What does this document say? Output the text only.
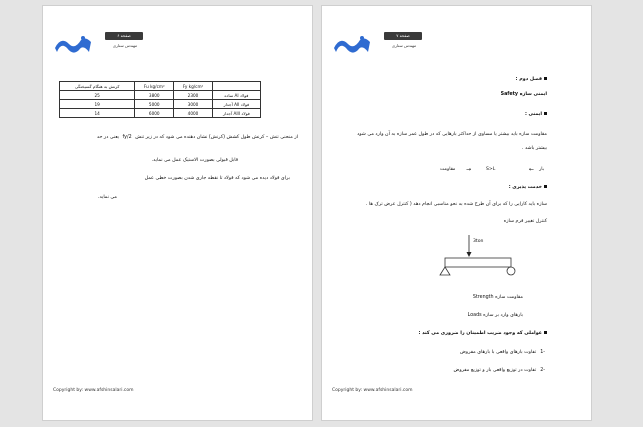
صفحه ۶
مهندس ستاری
كرنش به هنگام گسيختگی	Fu kg/cm²	Fy kg/cm²	
25	3800	2300	فولاد AI ساده
19	5000	3000	فولاد AII آجدار
14	6000	4000	فولاد AIII آجدار
از منحنی تنش – کرنش طول کشش (کرنش) نشان دهنده می شود که در زیر تنش fy/2 یعنی در حد
قابل قبولی بصورت الاستیک عمل می نماید.
برای فولاد دیده می شود که فولاد تا نقطه جاری شدن بصورت خطی عمل
می نماید.
Copyright by: www.afshinsalari.com
صفحه ۷
مهندس ستاری
فصل دوم :
ایمنی سازه Safety
ایمنی :
مقاومت سازه باید بیشتر یا مساوی از حداکثر بارهایی که در طول عمر سازه به آن وارد می شود
بیشتر باشد .
بار
←
S>L
→
مقاومت
خدمت پذیری :
سازه باید کارایی را که برای آن طرح شده به نحو مناسبی انجام دهد ( کنترل عرض ترک ها .
کنترل تغییر فرم سازه
3ton
مقاومت سازه Strength
بارهای وارد بر سازه Loads
عواملی که وجود ضریب اطمینان را ضروری می کند :
-1تفاوت بارهای واقعی با بارهای مفروض
-2تفاوت در توزیع واقعی بار و توزیع مفروض
Copyright by: www.afshinsalari.com
